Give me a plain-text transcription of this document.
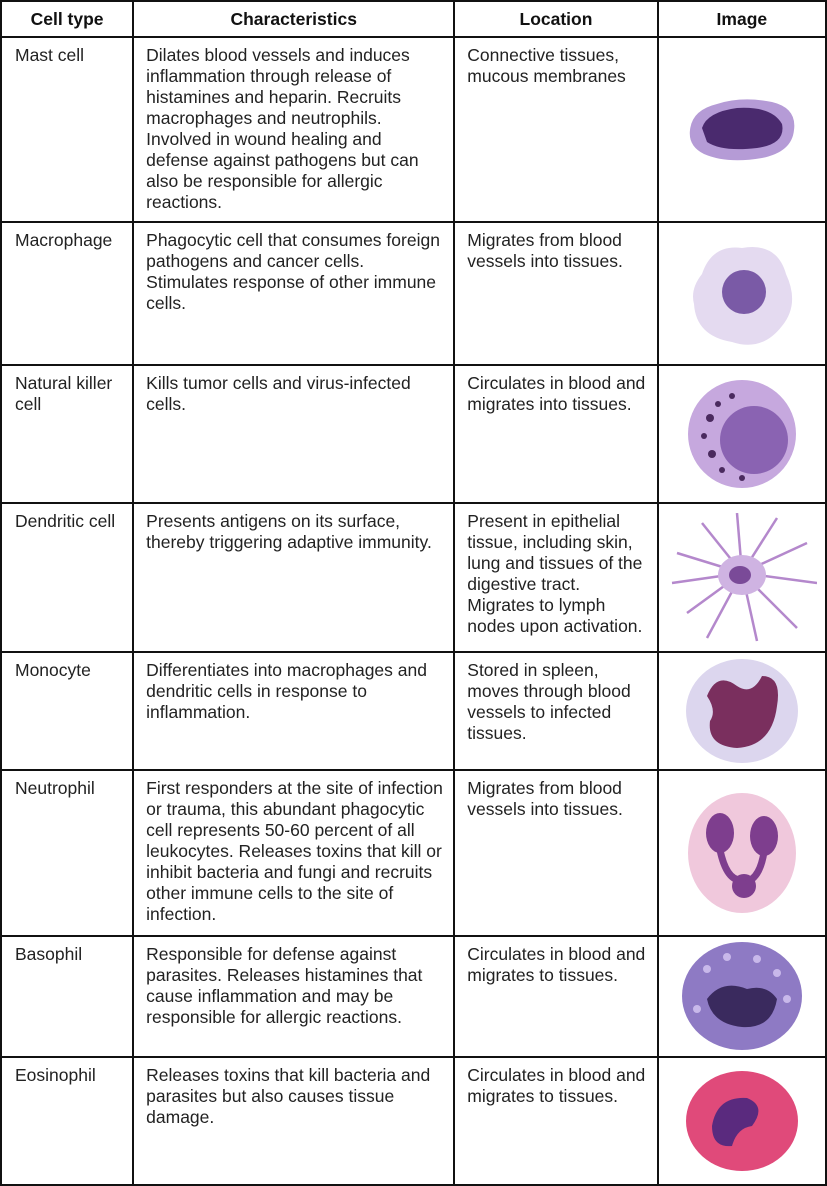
Cell type	Characteristics	Location	Image
Mast cell	Dilates blood vessels and induces inflammation through release of histamines and heparin. Recruits macrophages and neutrophils. Involved in wound healing and defense against pathogens but can also be responsible for allergic reactions.	Connective tissues, mucous membranes	

Macrophage	Phagocytic cell that consumes foreign pathogens and cancer cells. Stimulates response of other immune cells.	Migrates from blood vessels into tissues.	

Natural killer cell	Kills tumor cells and virus-infected cells.	Circulates in blood and migrates into tissues.	

Dendritic cell	Presents antigens on its surface, thereby triggering adaptive immunity.	Present in epithelial tissue, including skin, lung and tissues of the digestive tract. Migrates to lymph nodes upon activation.	

Monocyte	Differentiates into macrophages and dendritic cells in response to inflammation.	Stored in spleen, moves through blood vessels to infected tissues.	

Neutrophil	First responders at the site of infection or trauma, this abundant phagocytic cell represents 50-60 percent of all leukocytes. Releases toxins that kill or inhibit bacteria and fungi and recruits other immune cells to the site of infection.	Migrates from blood vessels into tissues.	

Basophil	Responsible for defense against parasites. Releases histamines that cause inflammation and may be responsible for allergic reactions.	Circulates in blood and migrates to tissues.	

Eosinophil	Releases toxins that kill bacteria and parasites but also causes tissue damage.	Circulates in blood and migrates to tissues.	
